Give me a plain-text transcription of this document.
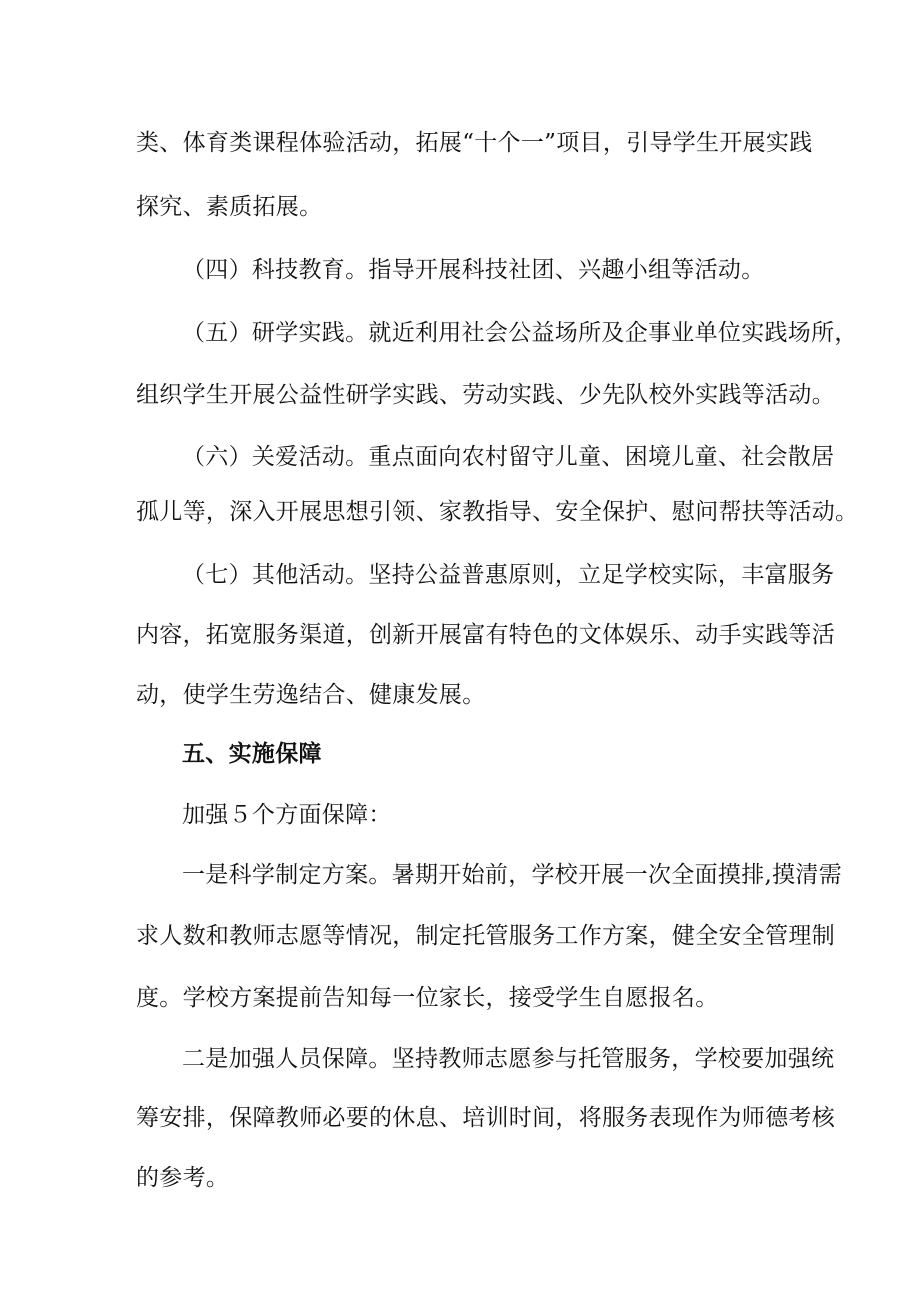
类、体育类课程体验活动，拓展“十个一”项目，引导学生开展实践
探究、素质拓展。
（四）科技教育。指导开展科技社团、兴趣小组等活动。
（五）研学实践。就近利用社会公益场所及企事业单位实践场所，
组织学生开展公益性研学实践、劳动实践、少先队校外实践等活动。
（六）关爱活动。重点面向农村留守儿童、困境儿童、社会散居
孤儿等，深入开展思想引领、家教指导、安全保护、慰问帮扶等活动。
（七）其他活动。坚持公益普惠原则，立足学校实际，丰富服务
内容，拓宽服务渠道，创新开展富有特色的文体娱乐、动手实践等活
动，使学生劳逸结合、健康发展。
五、实施保障
加强５个方面保障：
一是科学制定方案。暑期开始前，学校开展一次全面摸排,摸清需
求人数和教师志愿等情况，制定托管服务工作方案，健全安全管理制
度。学校方案提前告知每一位家长，接受学生自愿报名。
二是加强人员保障。坚持教师志愿参与托管服务，学校要加强统
筹安排，保障教师必要的休息、培训时间，将服务表现作为师德考核
的参考。
